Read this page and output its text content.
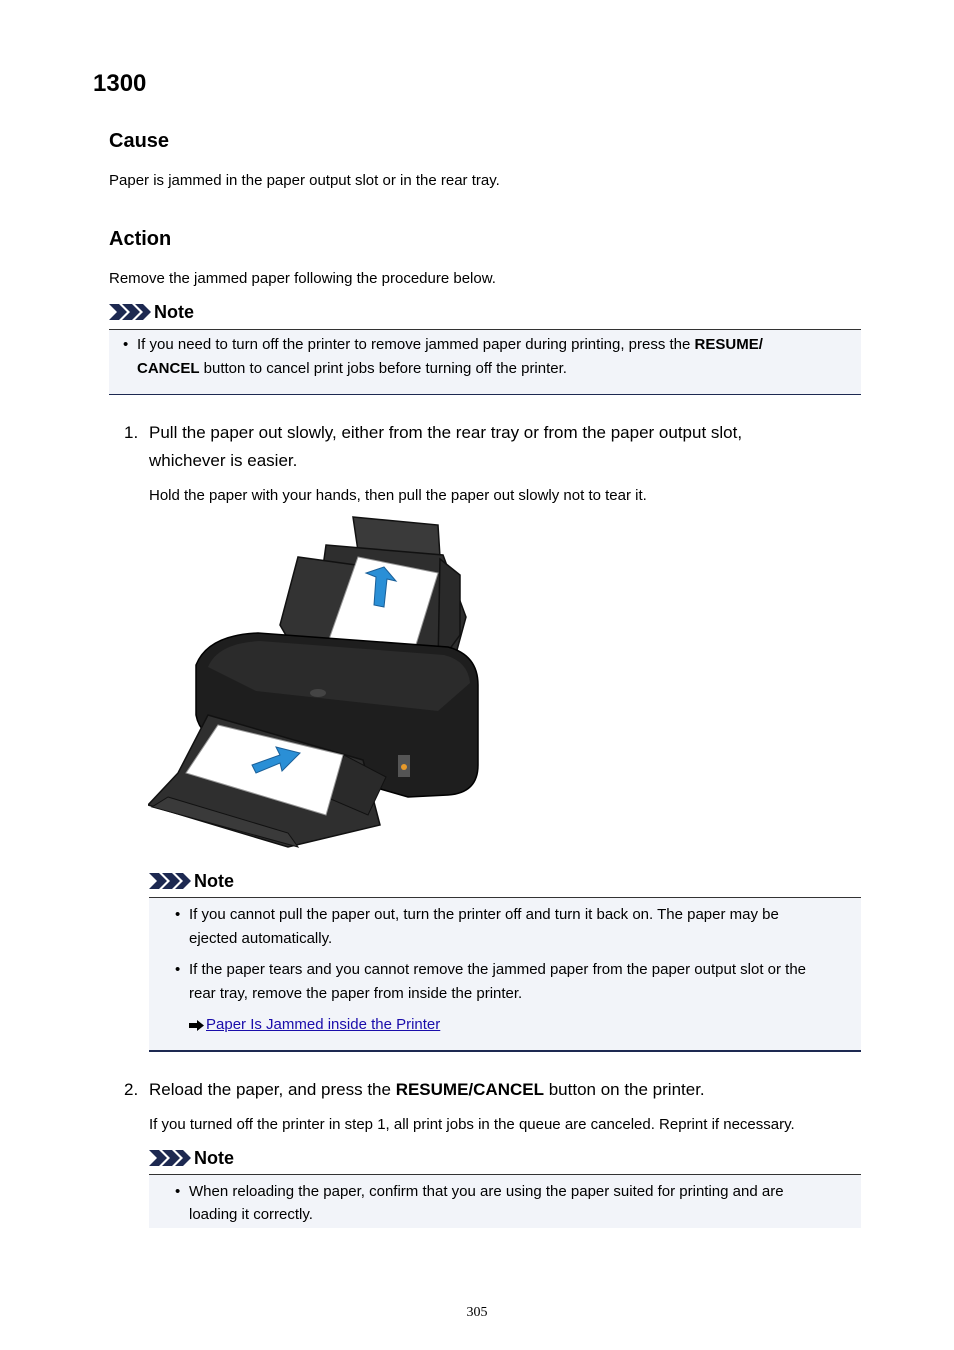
1300
Cause

Paper is jammed in the paper output slot or in the rear tray.

Action

Remove the jammed paper following the procedure below.

Note
• If you need to turn off the printer to remove jammed paper during printing, press the RESUME/
CANCEL button to cancel print jobs before turning off the printer.
1. Pull the paper out slowly, either from the rear tray or from the paper output slot,
whichever is easier.

Hold the paper with your hands, then pull the paper out slowly not to tear it.

Note
• If you cannot pull the paper out, turn the printer off and turn it back on. The paper may be
ejected automatically.
• If the paper tears and you cannot remove the jammed paper from the paper output slot or the
rear tray, remove the paper from inside the printer.
Paper Is Jammed inside the Printer
2. Reload the paper, and press the RESUME/CANCEL button on the printer.

If you turned off the printer in step 1, all print jobs in the queue are canceled. Reprint if necessary.

Note
• When reloading the paper, confirm that you are using the paper suited for printing and are
loading it correctly.
305
